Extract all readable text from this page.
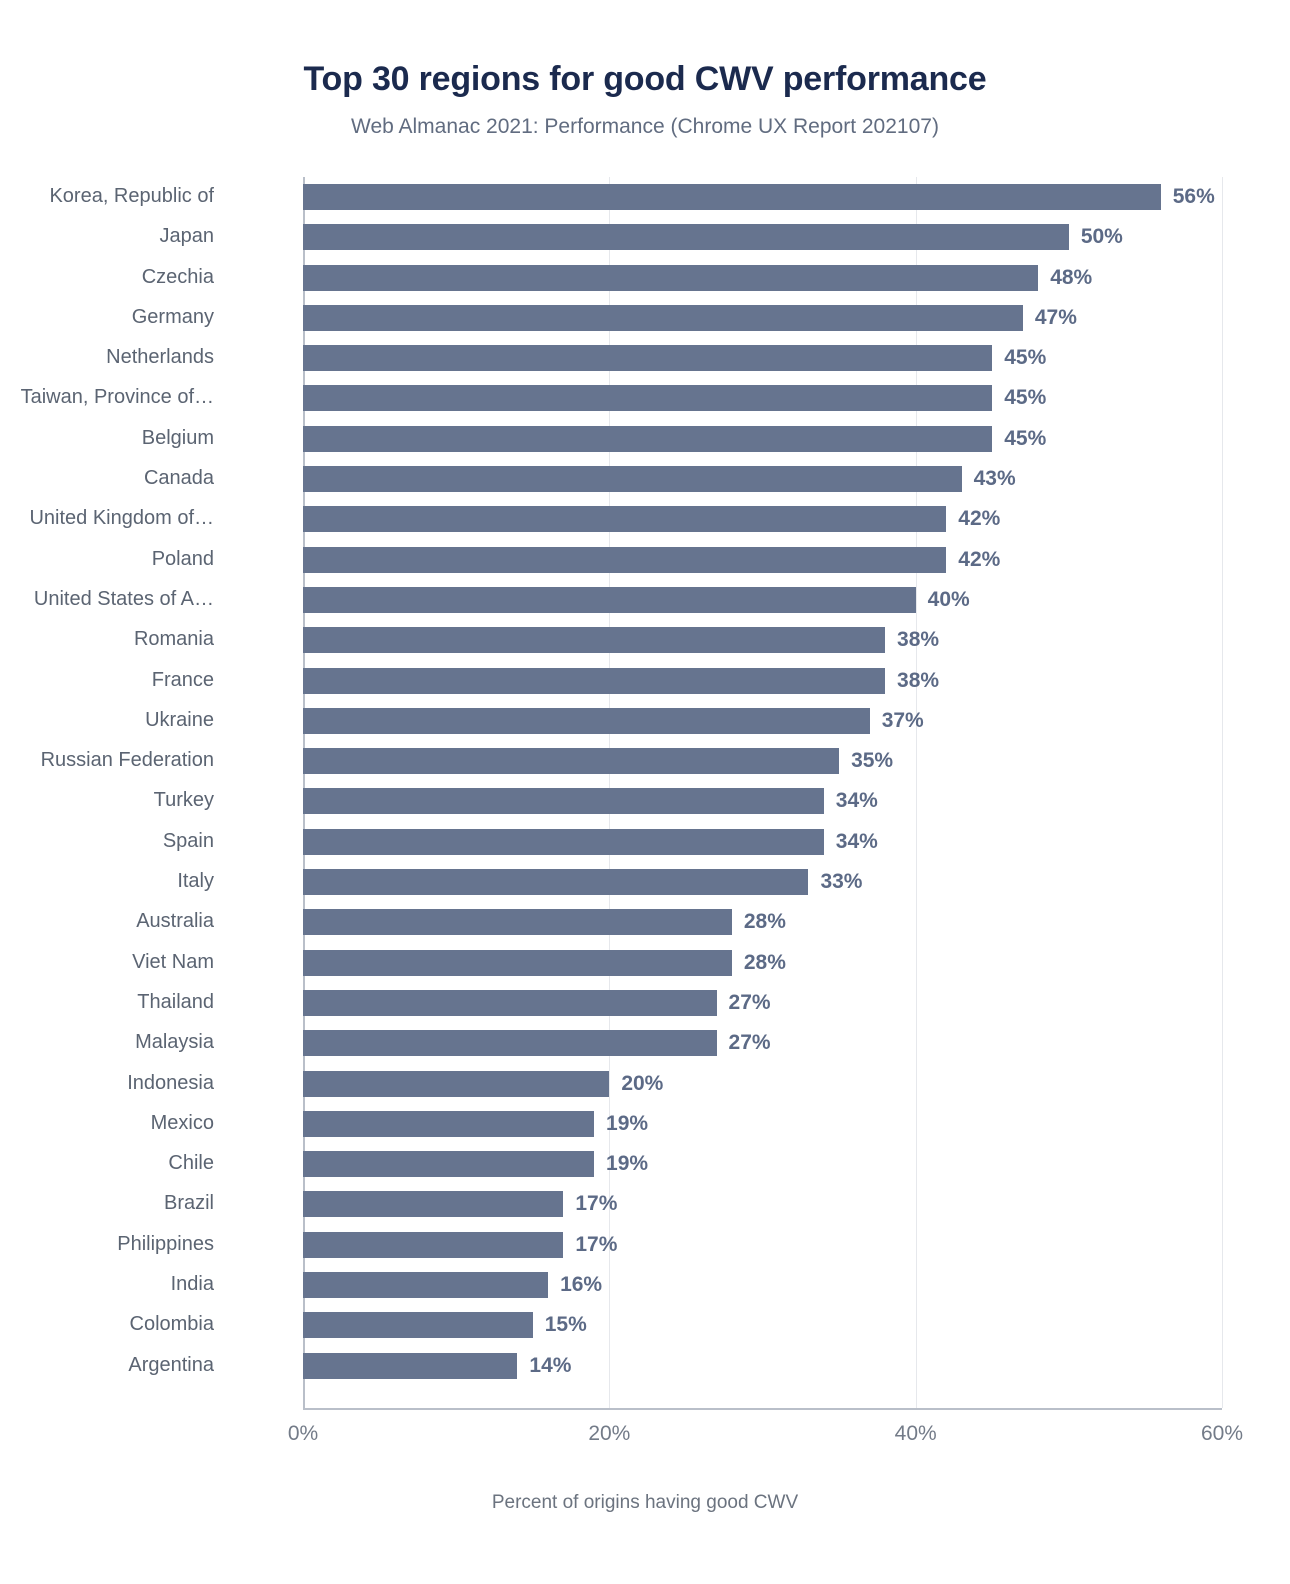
Top 30 regions for good CWV performance
Web Almanac 2021: Performance (Chrome UX Report 202107)
Korea, Republic of	56%
Japan	50%
Czechia	48%
Germany	47%
Netherlands	45%
Taiwan, Province of…	45%
Belgium	45%
Canada	43%
United Kingdom of…	42%
Poland	42%
United States of A…	40%
Romania	38%
France	38%
Ukraine	37%
Russian Federation	35%
Turkey	34%
Spain	34%
Italy	33%
Australia	28%
Viet Nam	28%
Thailand	27%
Malaysia	27%
Indonesia	20%
Mexico	19%
Chile	19%
Brazil	17%
Philippines	17%
India	16%
Colombia	15%
Argentina	14%
0%	20%	40%	60%
Percent of origins having good CWV
